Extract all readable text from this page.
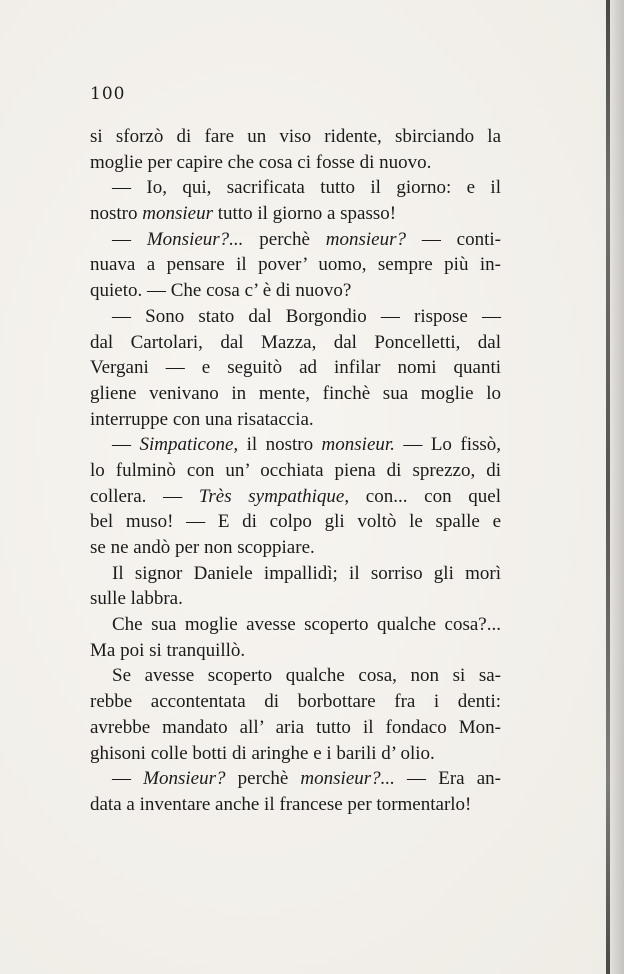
100
si sforzò di fare un viso ridente, sbirciando la
moglie per capire che cosa ci fosse di nuovo.
— Io, qui, sacrificata tutto il giorno: e il
nostro monsieur tutto il giorno a spasso!
— Monsieur?... perchè monsieur? — conti-
nuava a pensare il pover’ uomo, sempre più in-
quieto. — Che cosa c’ è di nuovo?
— Sono stato dal Borgondio — rispose —
dal Cartolari, dal Mazza, dal Poncelletti, dal
Vergani — e seguitò ad infilar nomi quanti
gliene venivano in mente, finchè sua moglie lo
interruppe con una risataccia.
— Simpaticone, il nostro monsieur. — Lo fissò,
lo fulminò con un’ occhiata piena di sprezzo, di
collera. — Très sympathique, con... con quel
bel muso! — E di colpo gli voltò le spalle e
se ne andò per non scoppiare.
Il signor Daniele impallidì; il sorriso gli morì
sulle labbra.
Che sua moglie avesse scoperto qualche cosa?...
Ma poi si tranquillò.
Se avesse scoperto qualche cosa, non si sa-
rebbe accontentata di borbottare fra i denti:
avrebbe mandato all’ aria tutto il fondaco Mon-
ghisoni colle botti di aringhe e i barili d’ olio.
— Monsieur? perchè monsieur?... — Era an-
data a inventare anche il francese per tormentarlo!
